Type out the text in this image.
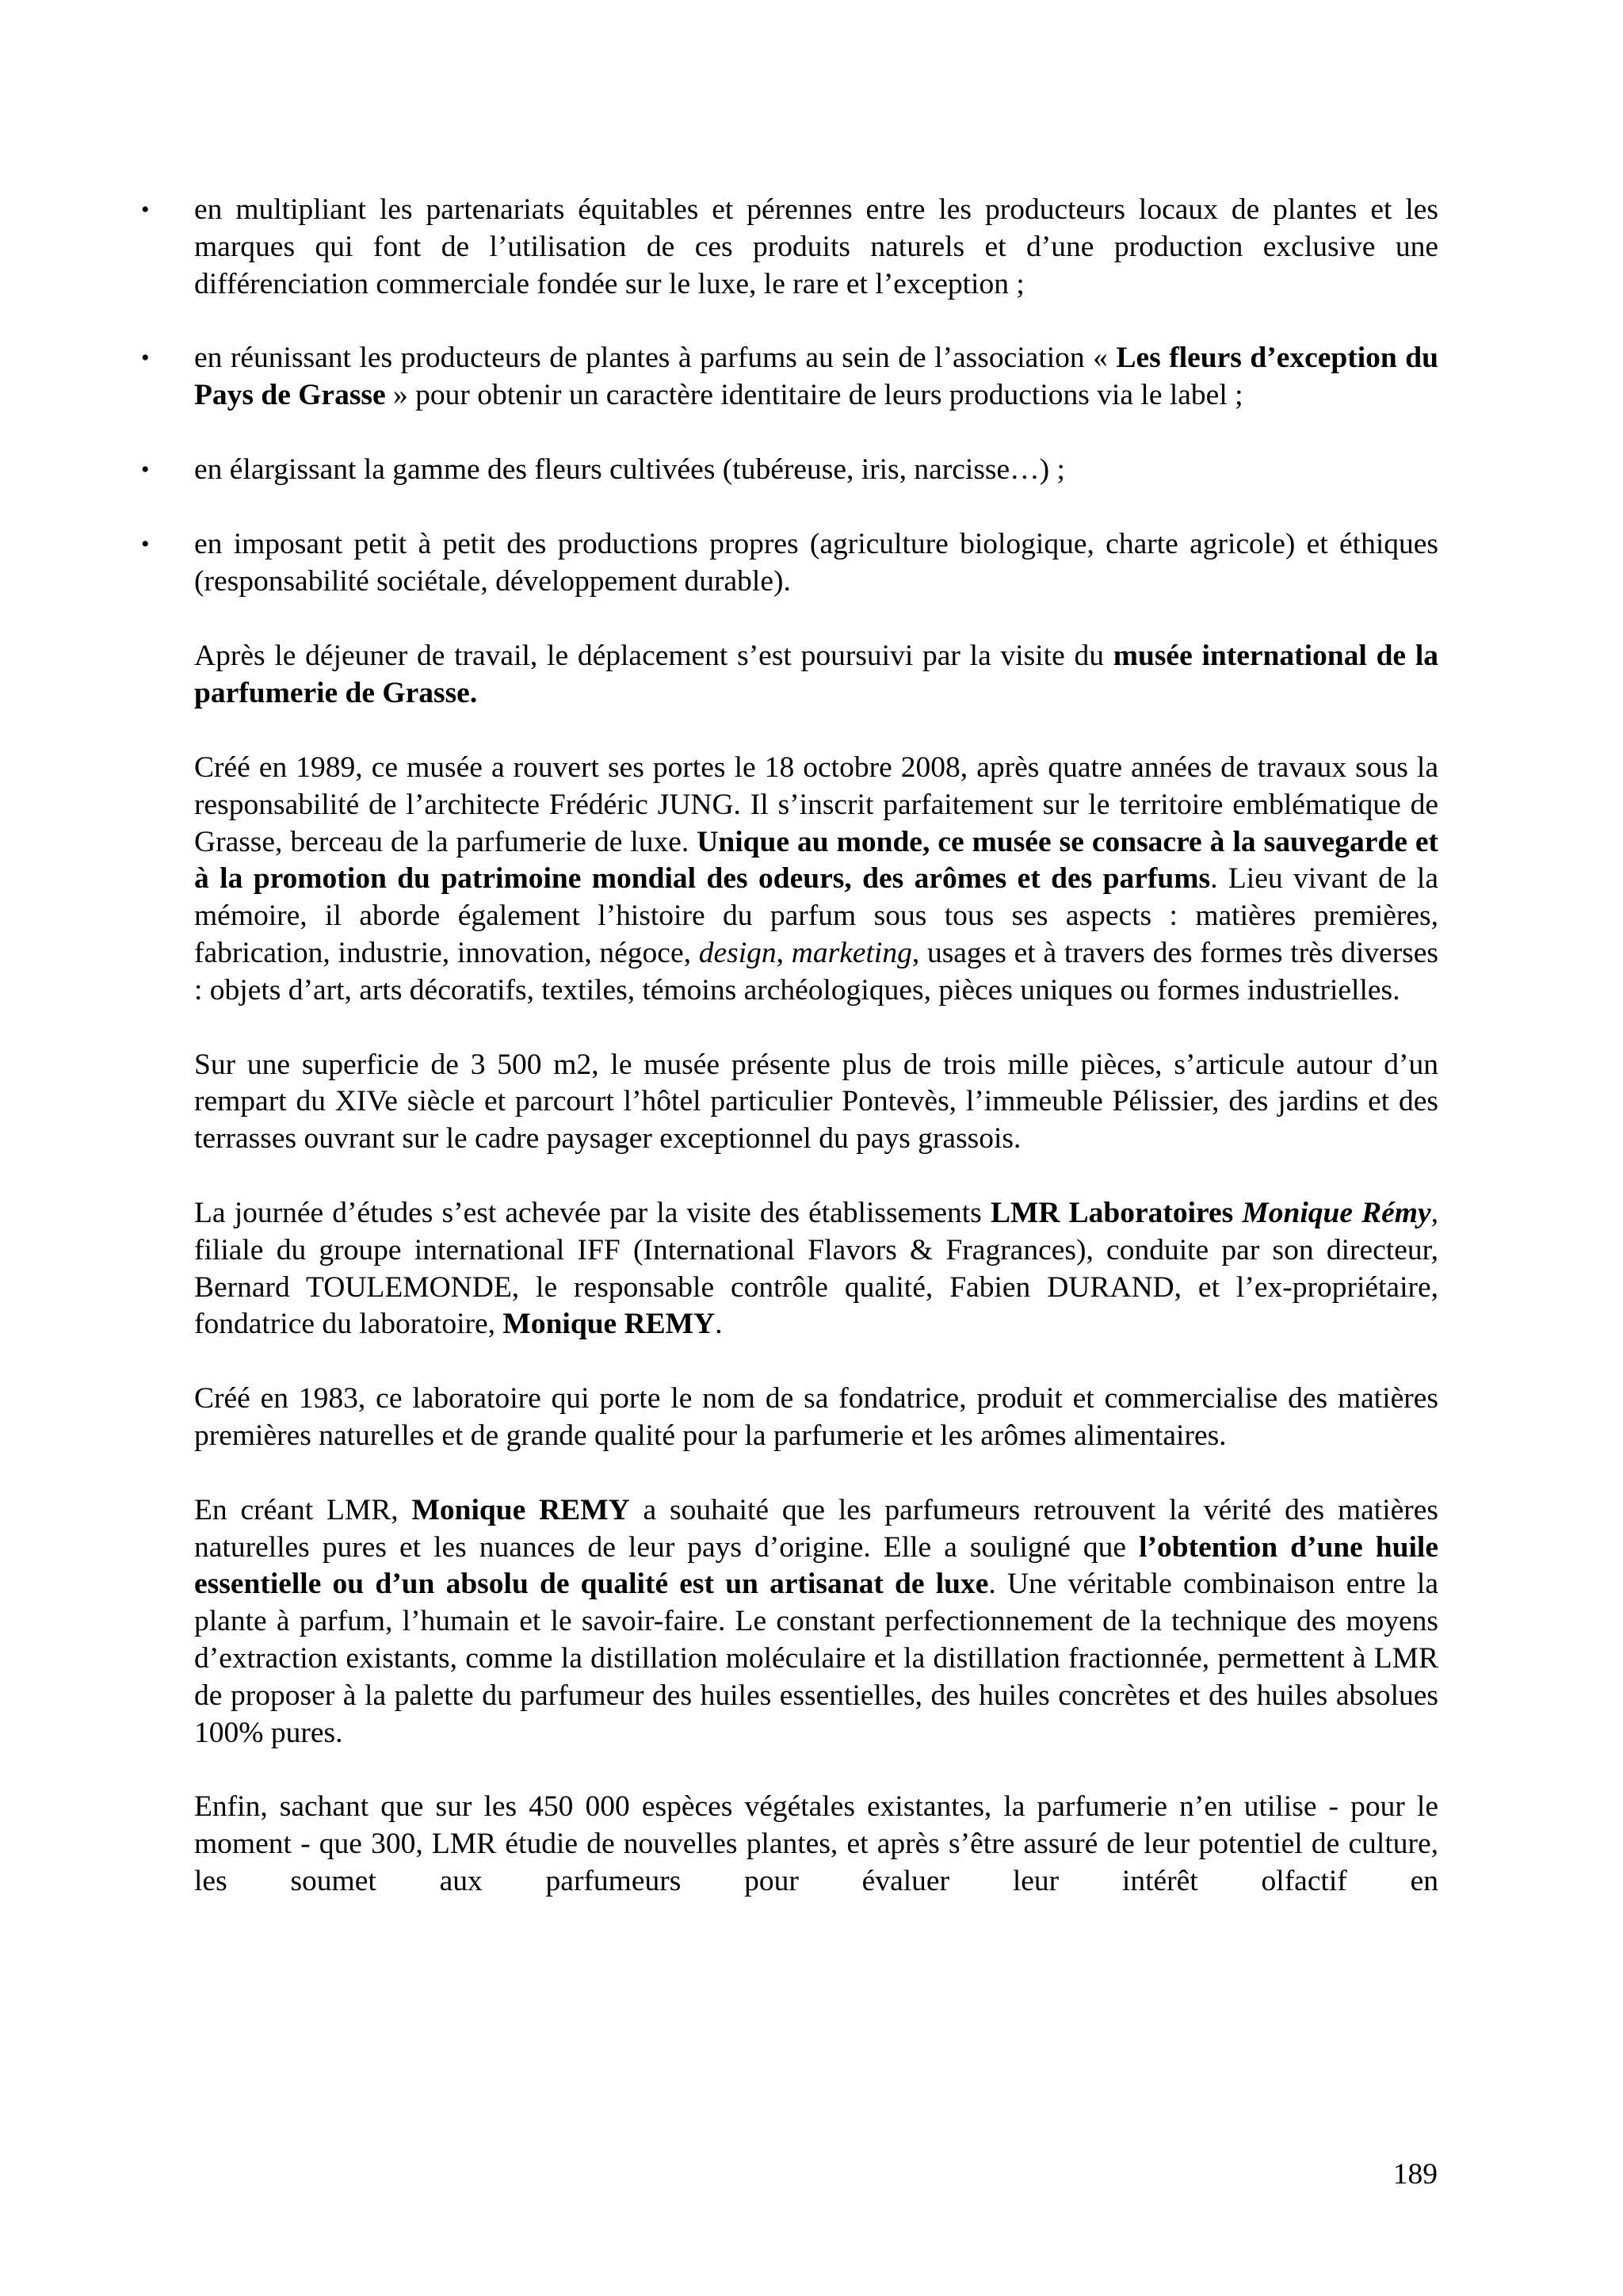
• en multipliant les partenariats équitables et pérennes entre les producteurs locaux de plantes et les marques qui font de l’utilisation de ces produits naturels et d’une production exclusive une différenciation commerciale fondée sur le luxe, le rare et l’exception ;
• en réunissant les producteurs de plantes à parfums au sein de l’association « Les fleurs d’exception du Pays de Grasse » pour obtenir un caractère identitaire de leurs productions via le label ;
• en élargissant la gamme des fleurs cultivées (tubéreuse, iris, narcisse…) ;
• en imposant petit à petit des productions propres (agriculture biologique, charte agricole) et éthiques (responsabilité sociétale, développement durable).

Après le déjeuner de travail, le déplacement s’est poursuivi par la visite du musée international de la parfumerie de Grasse.

Créé en 1989, ce musée a rouvert ses portes le 18 octobre 2008, après quatre années de travaux sous la responsabilité de l’architecte Frédéric JUNG. Il s’inscrit parfaitement sur le territoire emblématique de Grasse, berceau de la parfumerie de luxe. Unique au monde, ce musée se consacre à la sauvegarde et à la promotion du patrimoine mondial des odeurs, des arômes et des parfums. Lieu vivant de la mémoire, il aborde également l’histoire du parfum sous tous ses aspects : matières premières, fabrication, industrie, innovation, négoce, design, marketing, usages et à travers des formes très diverses : objets d’art, arts décoratifs, textiles, témoins archéologiques, pièces uniques ou formes industrielles.

Sur une superficie de 3 500 m2, le musée présente plus de trois mille pièces, s’articule autour d’un rempart du XIVe siècle et parcourt l’hôtel particulier Pontevès, l’immeuble Pélissier, des jardins et des terrasses ouvrant sur le cadre paysager exceptionnel du pays grassois.

La journée d’études s’est achevée par la visite des établissements LMR Laboratoires Monique Rémy, filiale du groupe international IFF (International Flavors & Fragrances), conduite par son directeur, Bernard TOULEMONDE, le responsable contrôle qualité, Fabien DURAND, et l’ex-propriétaire, fondatrice du laboratoire, Monique REMY.

Créé en 1983, ce laboratoire qui porte le nom de sa fondatrice, produit et commercialise des matières premières naturelles et de grande qualité pour la parfumerie et les arômes alimentaires.

En créant LMR, Monique REMY a souhaité que les parfumeurs retrouvent la vérité des matières naturelles pures et les nuances de leur pays d’origine. Elle a souligné que l’obtention d’une huile essentielle ou d’un absolu de qualité est un artisanat de luxe. Une véritable combinaison entre la plante à parfum, l’humain et le savoir-faire. Le constant perfectionnement de la technique des moyens d’extraction existants, comme la distillation moléculaire et la distillation fractionnée, permettent à LMR de proposer à la palette du parfumeur des huiles essentielles, des huiles concrètes et des huiles absolues 100% pures.

Enfin, sachant que sur les 450 000 espèces végétales existantes, la parfumerie n’en utilise - pour le moment - que 300, LMR étudie de nouvelles plantes, et après s’être assuré de leur potentiel de culture, les soumet aux parfumeurs pour évaluer leur intérêt olfactif en

189
